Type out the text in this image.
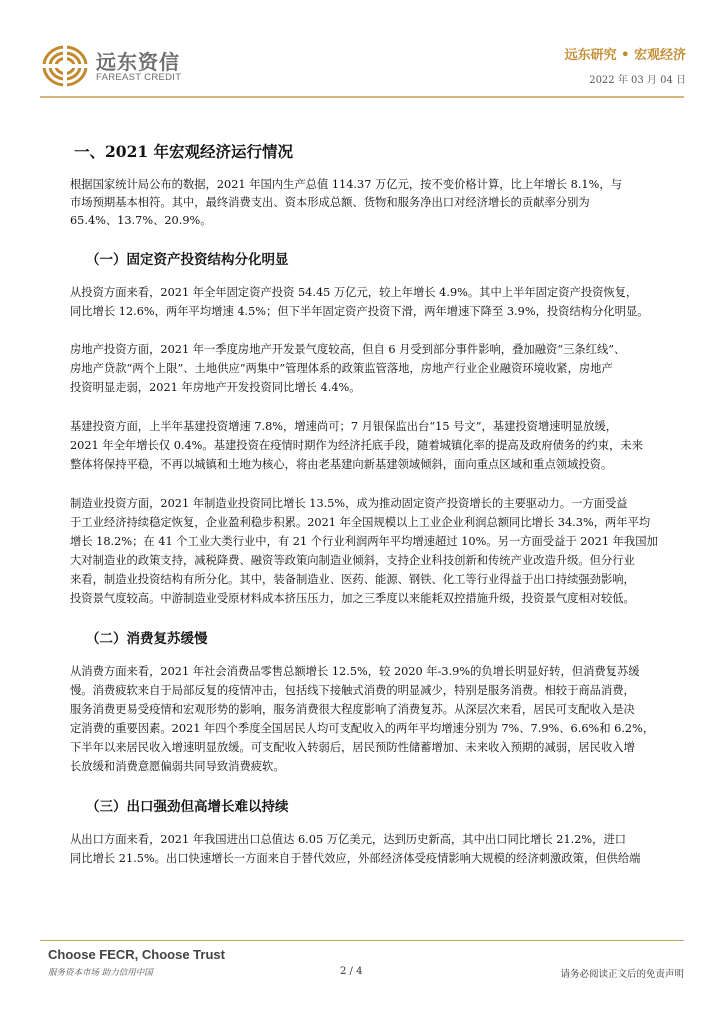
远东资信
FAREAST CREDIT
远东研究 • 宏观经济
2022 年 03 月 04 日
一、2021 年宏观经济运行情况
根据国家统计局公布的数据，2021 年国内生产总值 114.37 万亿元，按不变价格计算，比上年增长 8.1%，与
市场预期基本相符。其中，最终消费支出、资本形成总额、货物和服务净出口对经济增长的贡献率分别为
65.4%、13.7%、20.9%。
（一）固定资产投资结构分化明显
从投资方面来看，2021 年全年固定资产投资 54.45 万亿元，较上年增长 4.9%。其中上半年固定资产投资恢复，
同比增长 12.6%，两年平均增速 4.5%；但下半年固定资产投资下滑，两年增速下降至 3.9%，投资结构分化明显。
房地产投资方面，2021 年一季度房地产开发景气度较高，但自 6 月受到部分事件影响，叠加融资“三条红线”、
房地产贷款“两个上限”、土地供应“两集中”管理体系的政策监管落地，房地产行业企业融资环境收紧，房地产
投资明显走弱，2021 年房地产开发投资同比增长 4.4%。
基建投资方面，上半年基建投资增速 7.8%，增速尚可；7 月银保监出台“15 号文”，基建投资增速明显放缓，
2021 年全年增长仅 0.4%。基建投资在疫情时期作为经济托底手段，随着城镇化率的提高及政府债务的约束，未来
整体将保持平稳，不再以城镇和土地为核心，将由老基建向新基建领域倾斜，面向重点区域和重点领域投资。
制造业投资方面，2021 年制造业投资同比增长 13.5%，成为推动固定资产投资增长的主要驱动力。一方面受益
于工业经济持续稳定恢复，企业盈利稳步积累。2021 年全国规模以上工业企业利润总额同比增长 34.3%，两年平均
增长 18.2%；在 41 个工业大类行业中，有 21 个行业利润两年平均增速超过 10%。另一方面受益于 2021 年我国加
大对制造业的政策支持，减税降费、融资等政策向制造业倾斜，支持企业科技创新和传统产业改造升级。但分行业
来看，制造业投资结构有所分化。其中，装备制造业、医药、能源、钢铁、化工等行业得益于出口持续强劲影响，
投资景气度较高。中游制造业受原材料成本挤压压力，加之三季度以来能耗双控措施升级，投资景气度相对较低。
（二）消费复苏缓慢
从消费方面来看，2021 年社会消费品零售总额增长 12.5%，较 2020 年-3.9%的负增长明显好转，但消费复苏缓
慢。消费疲软来自于局部反复的疫情冲击，包括线下接触式消费的明显减少，特别是服务消费。相较于商品消费，
服务消费更易受疫情和宏观形势的影响，服务消费很大程度影响了消费复苏。从深层次来看，居民可支配收入是决
定消费的重要因素。2021 年四个季度全国居民人均可支配收入的两年平均增速分别为 7%、7.9%、6.6%和 6.2%，
下半年以来居民收入增速明显放缓。可支配收入转弱后，居民预防性储蓄增加、未来收入预期的减弱，居民收入增
长放缓和消费意愿偏弱共同导致消费疲软。
（三）出口强劲但高增长难以持续
从出口方面来看，2021 年我国进出口总值达 6.05 万亿美元，达到历史新高，其中出口同比增长 21.2%，进口
同比增长 21.5%。出口快速增长一方面来自于替代效应，外部经济体受疫情影响大规模的经济刺激政策，但供给端
Choose FECR, Choose Trust
服务资本市场 助力信用中国	2 / 4	请务必阅读正文后的免责声明
